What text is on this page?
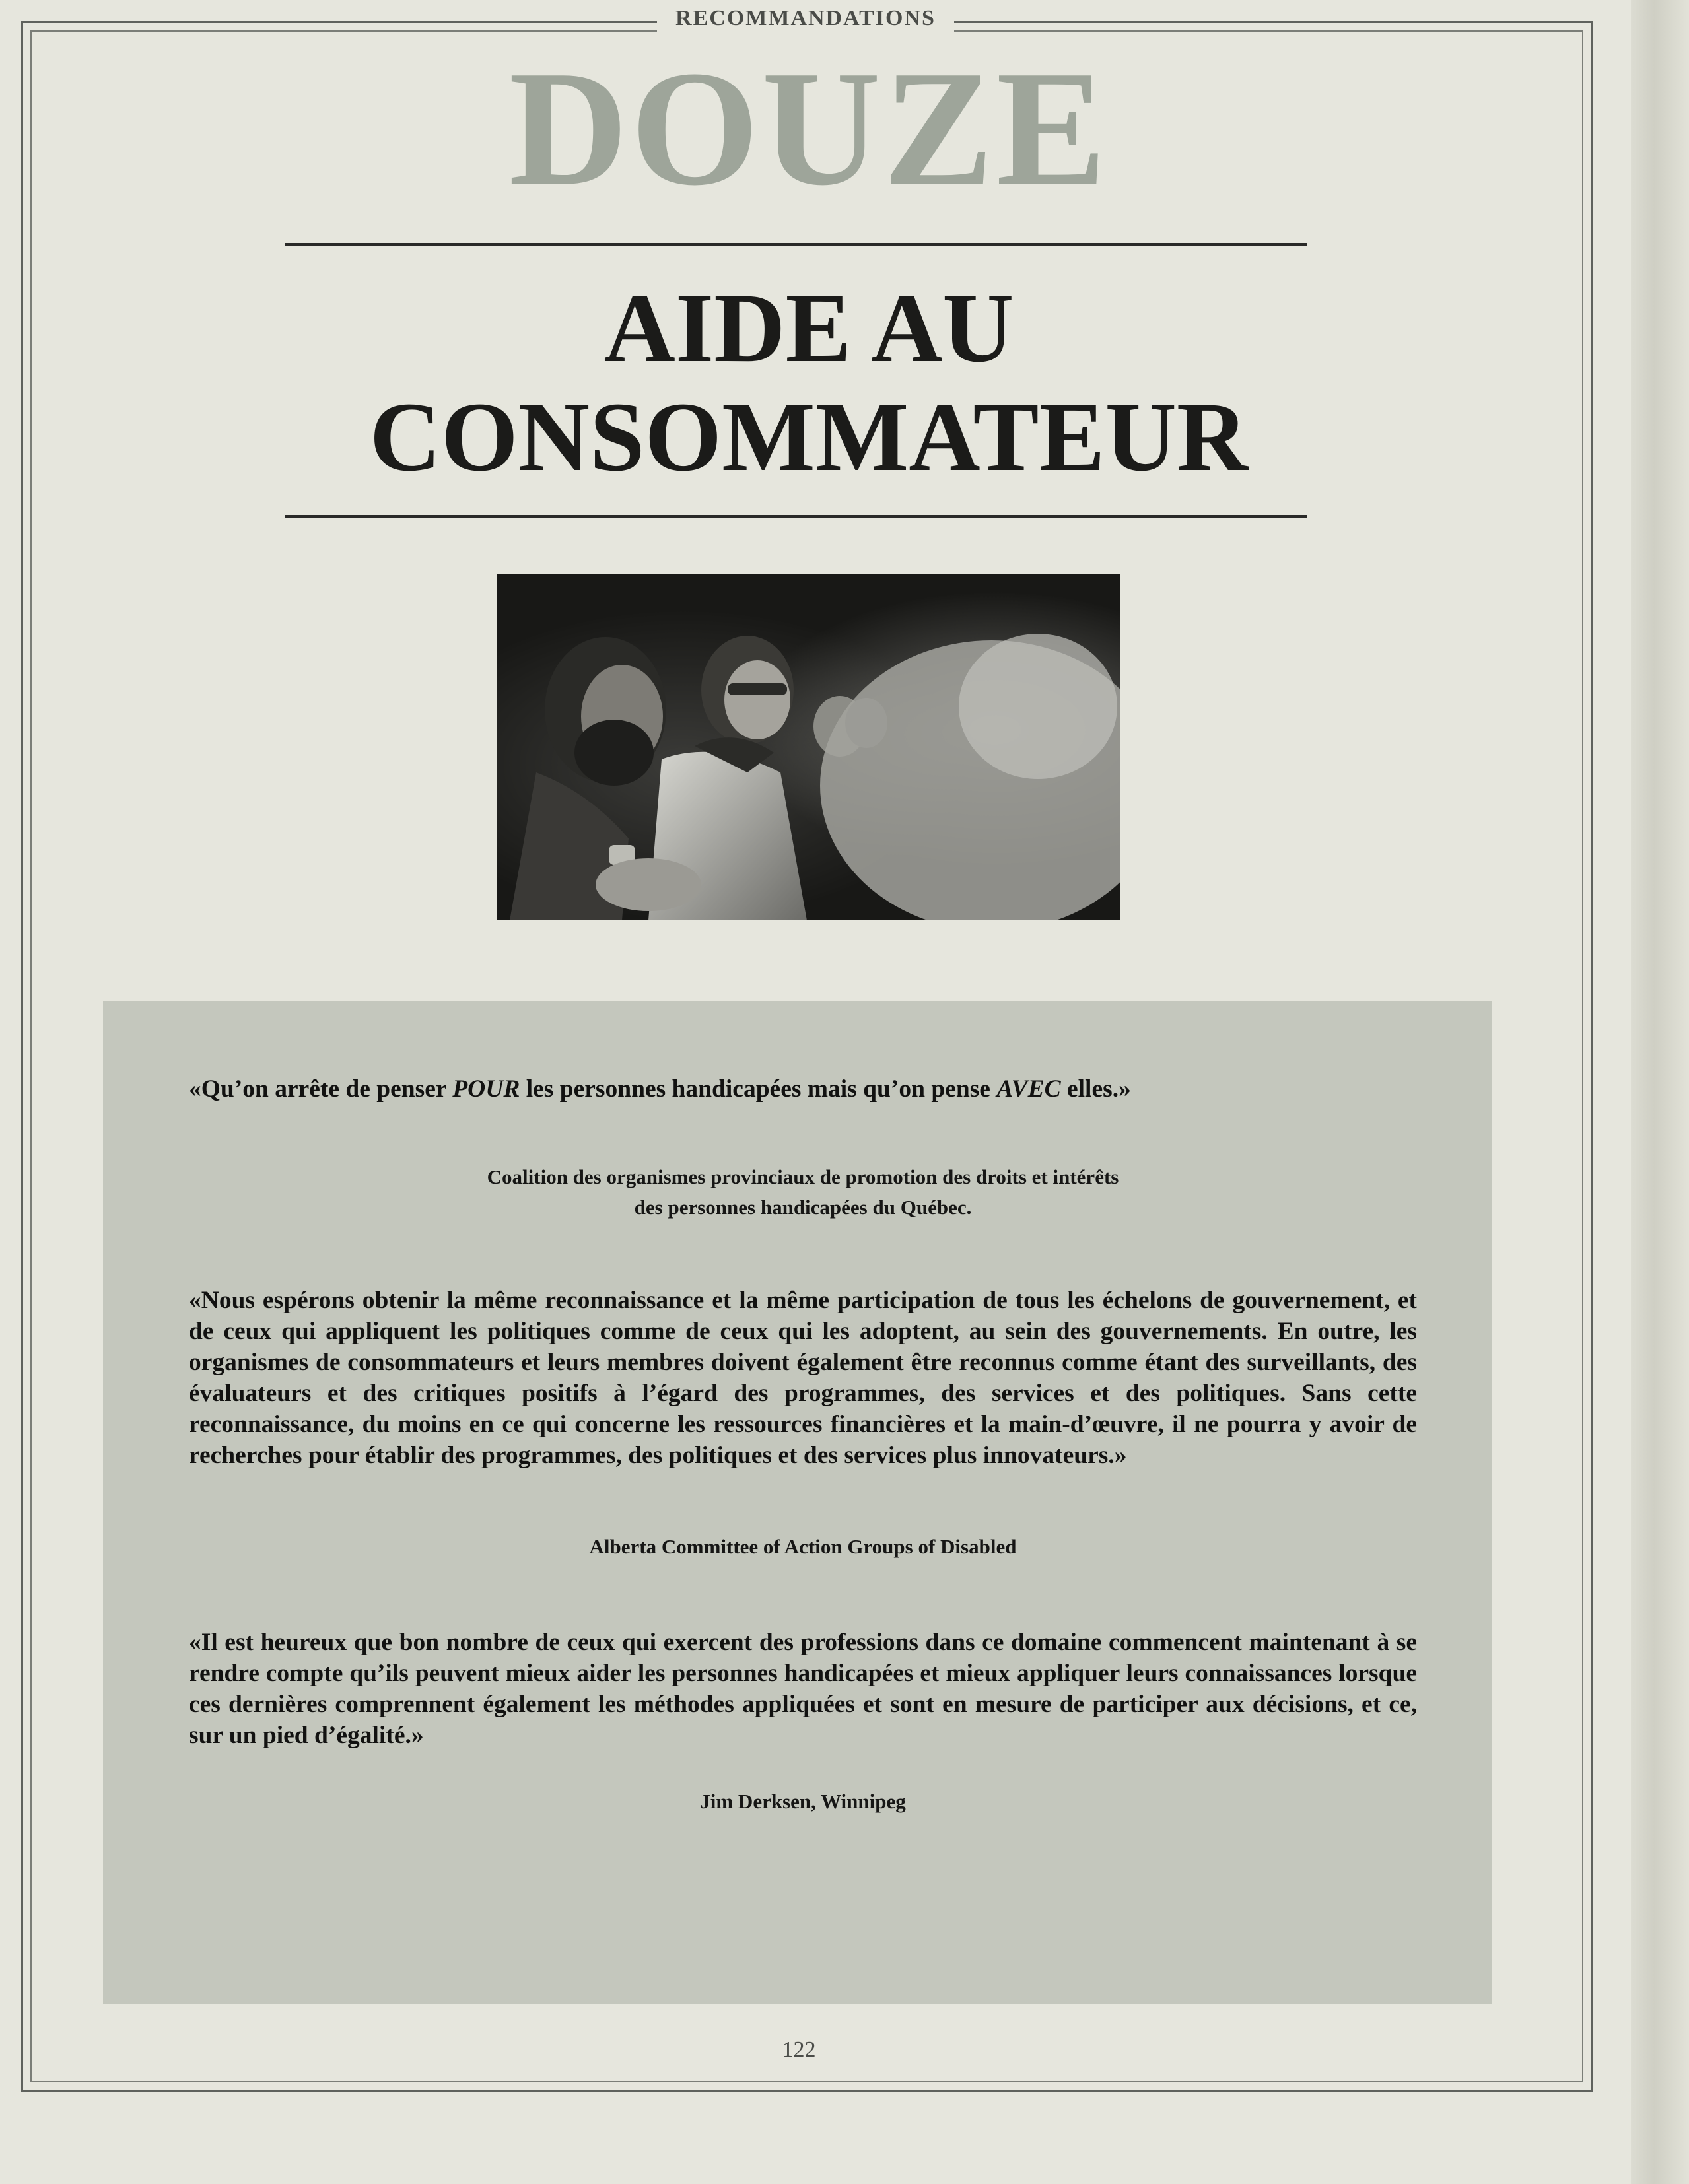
RECOMMANDATIONS
DOUZE
AIDE AU
CONSOMMATEUR
«Qu’on arrête de penser POUR les personnes handicapées mais qu’on pense AVEC elles.»
Coalition des organismes provinciaux de promotion des droits et intérêts
des personnes handicapées du Québec.
«Nous espérons obtenir la même reconnaissance et la même participation de tous les échelons de gouvernement, et de ceux qui appliquent les politiques comme de ceux qui les adoptent, au sein des gouvernements. En outre, les organismes de consommateurs et leurs membres doivent également être reconnus comme étant des surveillants, des évaluateurs et des critiques positifs à l’égard des programmes, des services et des politiques. Sans cette reconnaissance, du moins en ce qui concerne les ressources financières et la main-d’œuvre, il ne pourra y avoir de recherches pour établir des programmes, des politiques et des services plus innovateurs.»
Alberta Committee of Action Groups of Disabled
«Il est heureux que bon nombre de ceux qui exercent des professions dans ce domaine commencent maintenant à se rendre compte qu’ils peuvent mieux aider les personnes handicapées et mieux appliquer leurs connaissances lorsque ces dernières comprennent également les méthodes appliquées et sont en mesure de participer aux décisions, et ce, sur un pied d’égalité.»
Jim Derksen, Winnipeg
122
